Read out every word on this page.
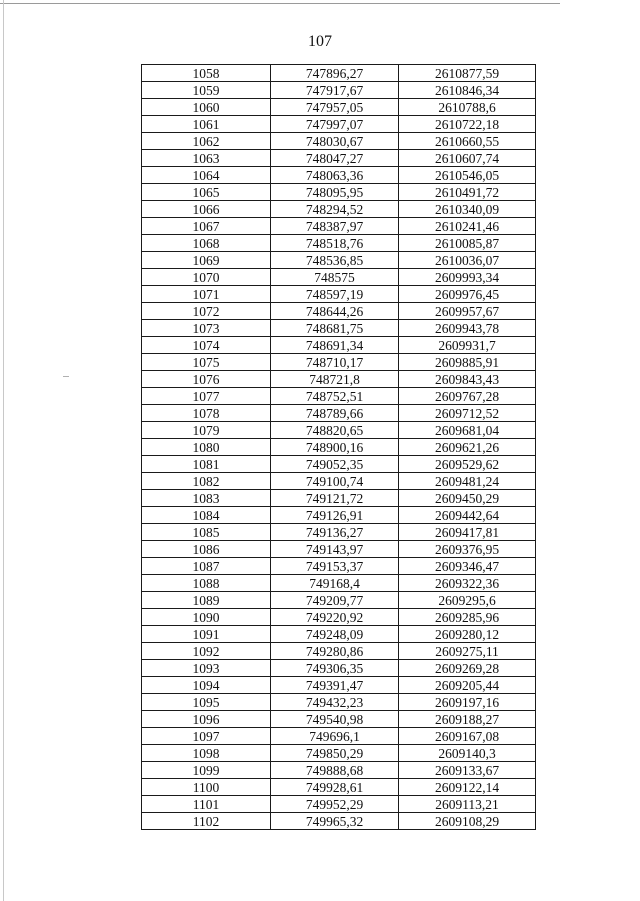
107
1058	747896,27	2610877,59
1059	747917,67	2610846,34
1060	747957,05	2610788,6
1061	747997,07	2610722,18
1062	748030,67	2610660,55
1063	748047,27	2610607,74
1064	748063,36	2610546,05
1065	748095,95	2610491,72
1066	748294,52	2610340,09
1067	748387,97	2610241,46
1068	748518,76	2610085,87
1069	748536,85	2610036,07
1070	748575	2609993,34
1071	748597,19	2609976,45
1072	748644,26	2609957,67
1073	748681,75	2609943,78
1074	748691,34	2609931,7
1075	748710,17	2609885,91
1076	748721,8	2609843,43
1077	748752,51	2609767,28
1078	748789,66	2609712,52
1079	748820,65	2609681,04
1080	748900,16	2609621,26
1081	749052,35	2609529,62
1082	749100,74	2609481,24
1083	749121,72	2609450,29
1084	749126,91	2609442,64
1085	749136,27	2609417,81
1086	749143,97	2609376,95
1087	749153,37	2609346,47
1088	749168,4	2609322,36
1089	749209,77	2609295,6
1090	749220,92	2609285,96
1091	749248,09	2609280,12
1092	749280,86	2609275,11
1093	749306,35	2609269,28
1094	749391,47	2609205,44
1095	749432,23	2609197,16
1096	749540,98	2609188,27
1097	749696,1	2609167,08
1098	749850,29	2609140,3
1099	749888,68	2609133,67
1100	749928,61	2609122,14
1101	749952,29	2609113,21
1102	749965,32	2609108,29
